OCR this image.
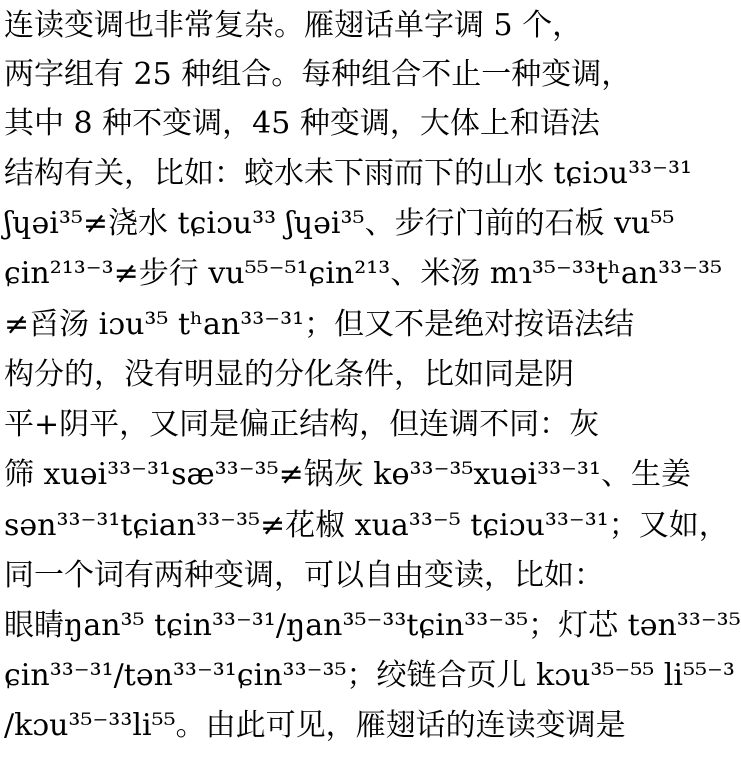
连读变调也非常复杂。雁翅话单字调 5 个，
两字组有 25 种组合。每种组合不止一种变调，
其中 8 种不变调，45 种变调，大体上和语法
结构有关，比如：蛟水未下雨而下的山水 tɕiɔu³³⁻³¹
ʃɥəi³⁵≠浇水 tɕiɔu³³ ʃɥəi³⁵、步行门前的石板 vu⁵⁵
ɕin²¹³⁻³≠步行 vu⁵⁵⁻⁵¹ɕin²¹³、米汤 mɿ³⁵⁻³³tʰan³³⁻³⁵
≠舀汤 iɔu³⁵ tʰan³³⁻³¹；但又不是绝对按语法结
构分的，没有明显的分化条件，比如同是阴
平+阴平，又同是偏正结构，但连调不同：灰
筛 xuəi³³⁻³¹sæ³³⁻³⁵≠锅灰 kɵ³³⁻³⁵xuəi³³⁻³¹、生姜
sən³³⁻³¹tɕian³³⁻³⁵≠花椒 xua³³⁻⁵ tɕiɔu³³⁻³¹；又如，
同一个词有两种变调，可以自由变读，比如：
眼睛ŋan³⁵ tɕin³³⁻³¹/ŋan³⁵⁻³³tɕin³³⁻³⁵；灯芯 tən³³⁻³⁵
ɕin³³⁻³¹/tən³³⁻³¹ɕin³³⁻³⁵；绞链合页儿 kɔu³⁵⁻⁵⁵ li⁵⁵⁻³
/kɔu³⁵⁻³³li⁵⁵。由此可见，雁翅话的连读变调是
